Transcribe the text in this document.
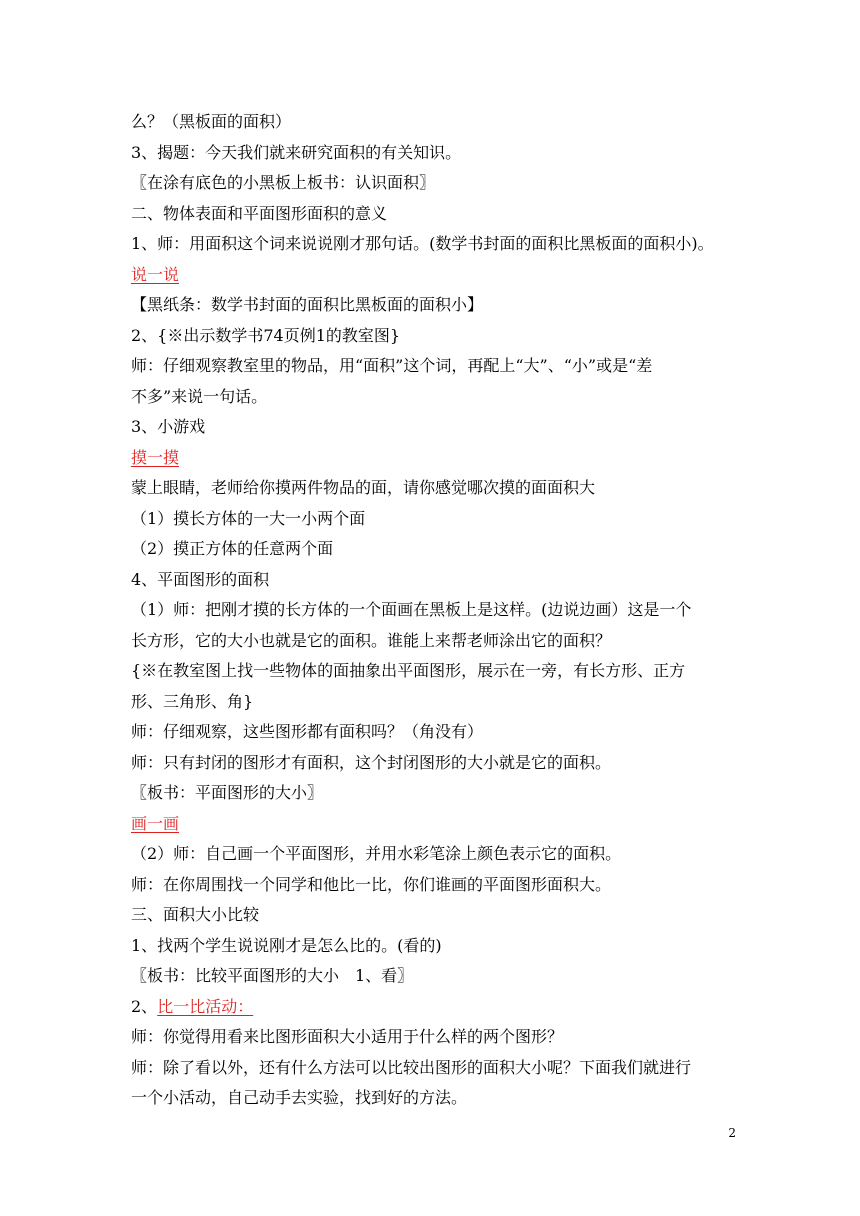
么？（黑板面的面积）
3、揭题：今天我们就来研究面积的有关知识。
〖在涂有底色的小黑板上板书：认识面积〗
二、物体表面和平面图形面积的意义
1、师：用面积这个词来说说刚才那句话。(数学书封面的面积比黑板面的面积小)。
说一说
【黑纸条：数学书封面的面积比黑板面的面积小】
2、{※出示数学书74页例1的教室图}
师：仔细观察教室里的物品，用“面积”这个词，再配上“大”、“小”或是“差
不多”来说一句话。
3、小游戏
摸一摸
蒙上眼睛，老师给你摸两件物品的面，请你感觉哪次摸的面面积大
（1）摸长方体的一大一小两个面
（2）摸正方体的任意两个面
4、平面图形的面积
（1）师：把刚才摸的长方体的一个面画在黑板上是这样。(边说边画）这是一个
长方形，它的大小也就是它的面积。谁能上来帮老师涂出它的面积？
{※在教室图上找一些物体的面抽象出平面图形，展示在一旁，有长方形、正方
形、三角形、角}
师：仔细观察，这些图形都有面积吗？（角没有）
师：只有封闭的图形才有面积，这个封闭图形的大小就是它的面积。
〖板书：平面图形的大小〗
画一画
（2）师：自己画一个平面图形，并用水彩笔涂上颜色表示它的面积。
师：在你周围找一个同学和他比一比，你们谁画的平面图形面积大。
三、面积大小比较
1、找两个学生说说刚才是怎么比的。(看的)
〖板书：比较平面图形的大小　1、看〗
2、比一比活动：
师：你觉得用看来比图形面积大小适用于什么样的两个图形？
师：除了看以外，还有什么方法可以比较出图形的面积大小呢？下面我们就进行
一个小活动，自己动手去实验，找到好的方法。
2
